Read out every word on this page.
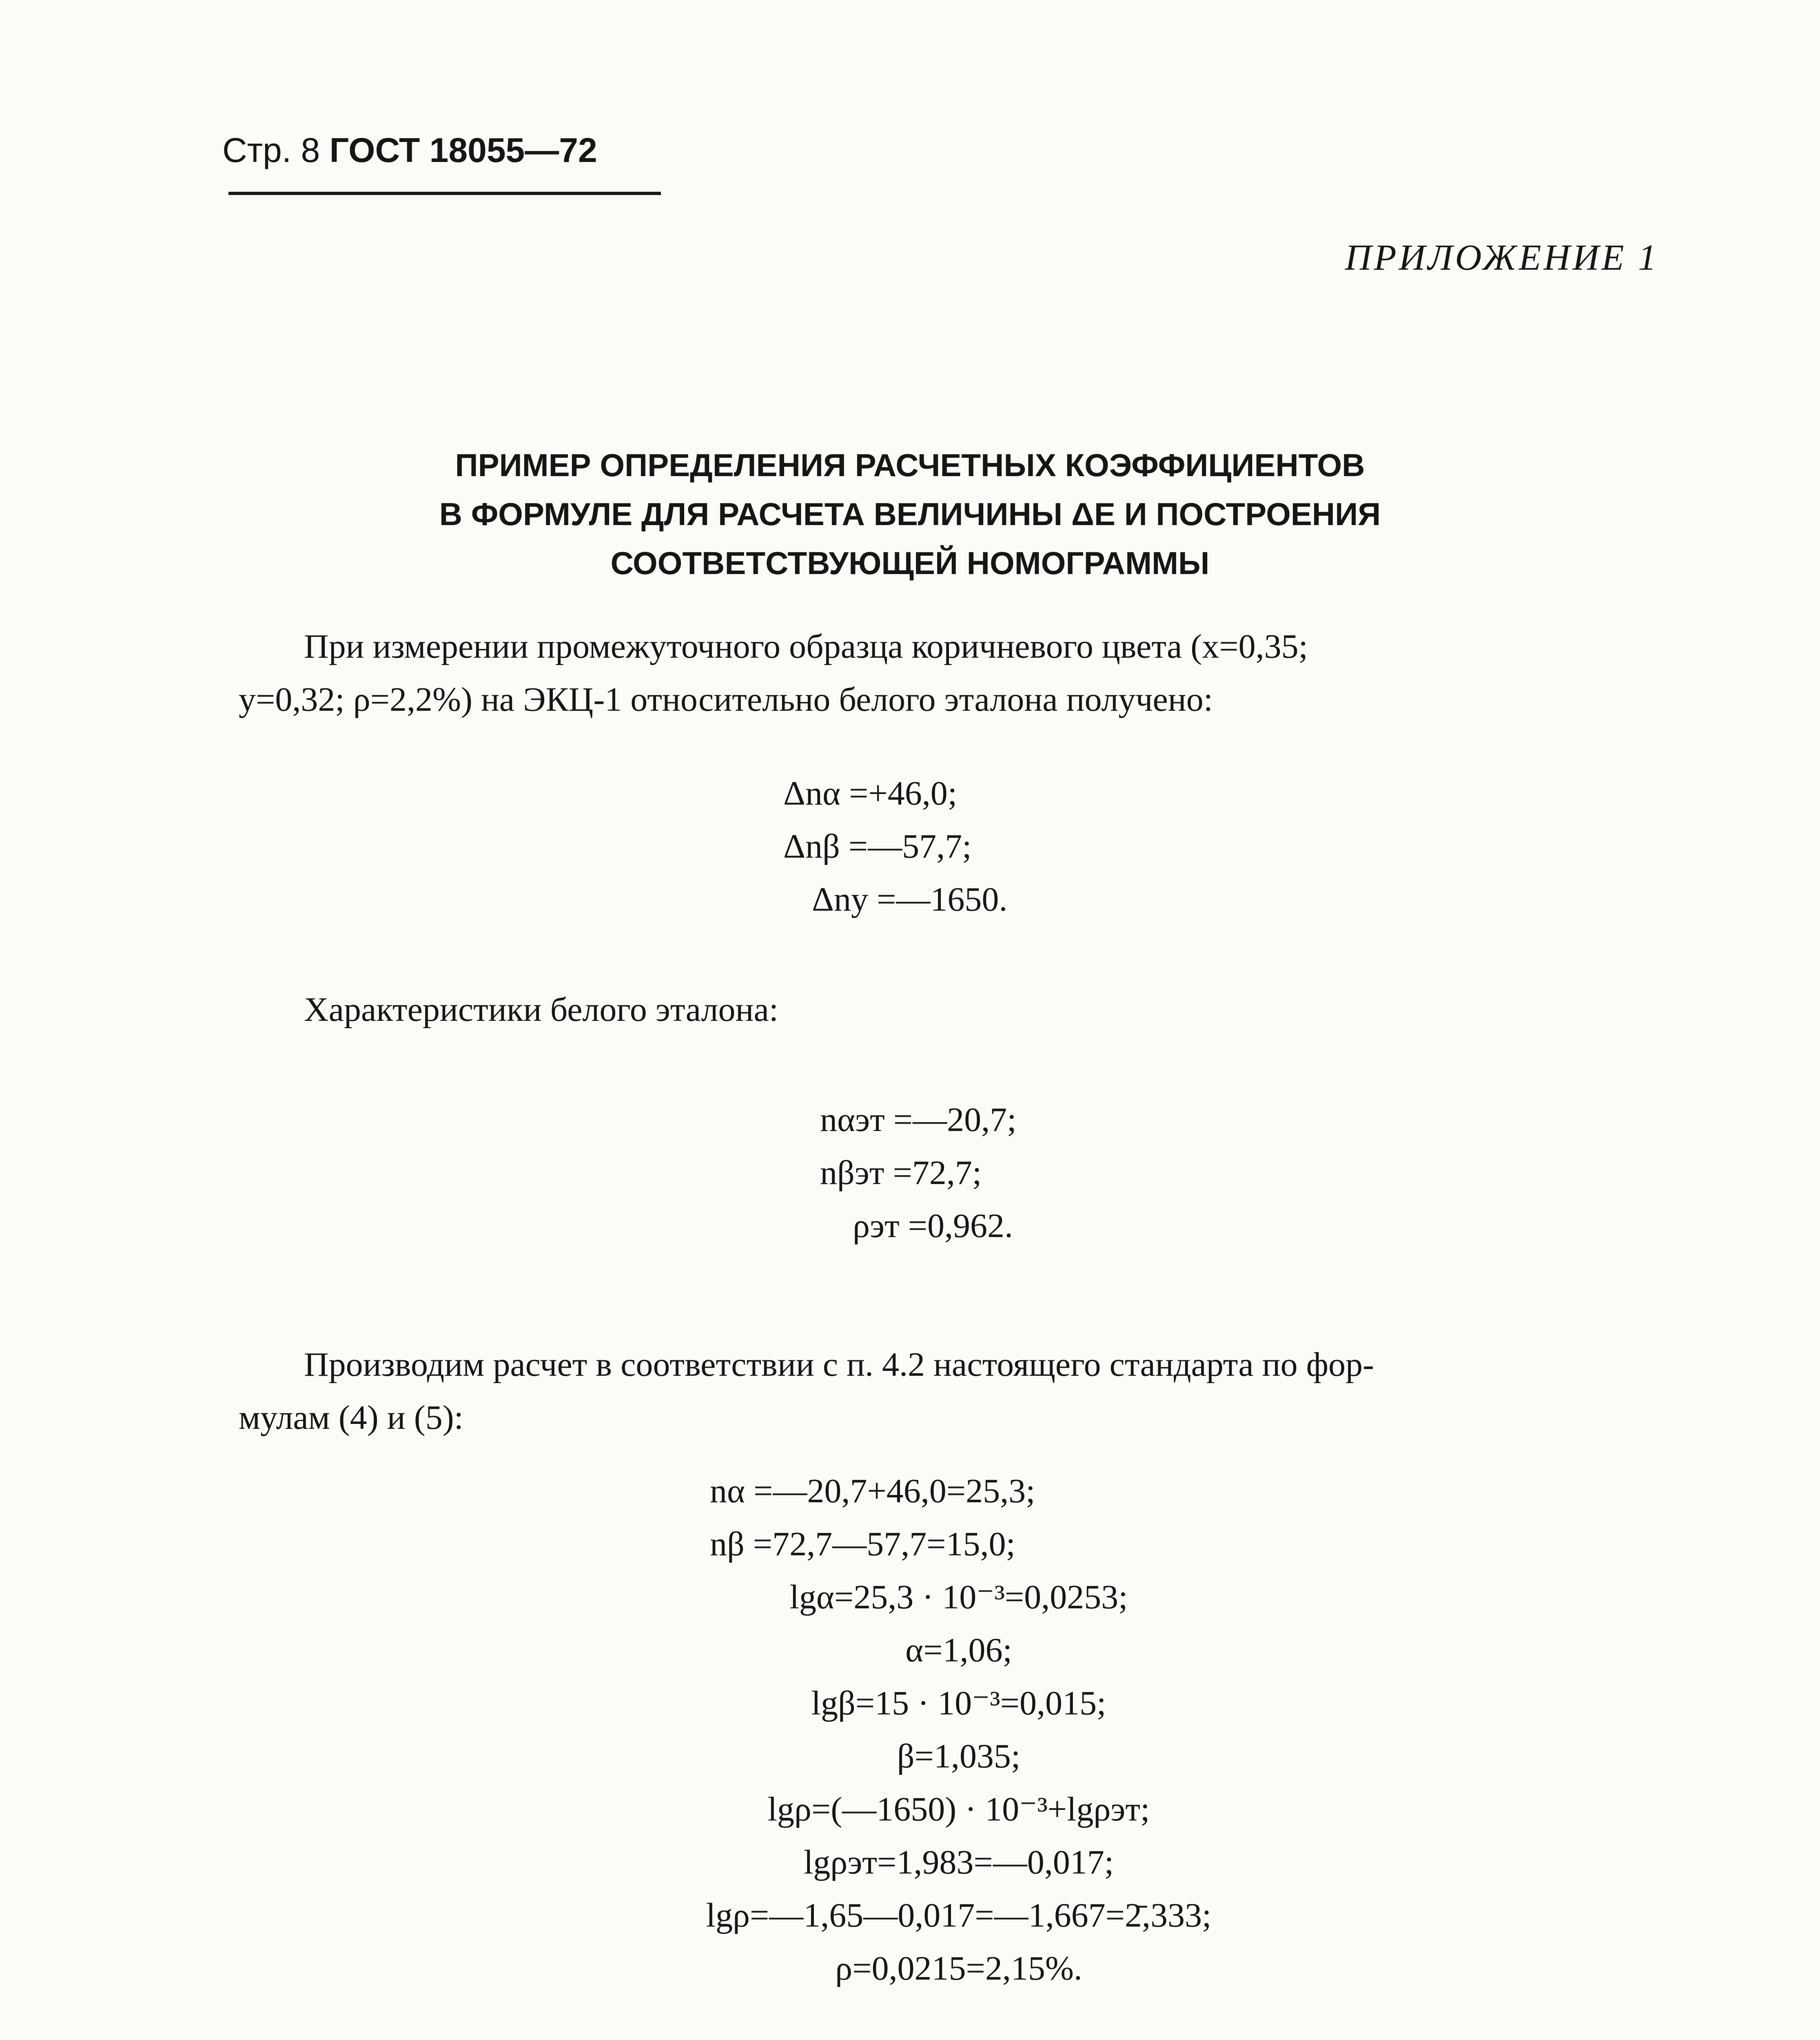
Стр. 8 ГОСТ 18055—72
ПРИЛОЖЕНИЕ 1
ПРИМЕР ОПРЕДЕЛЕНИЯ РАСЧЕТНЫХ КОЭФФИЦИЕНТОВ
В ФОРМУЛЕ ДЛЯ РАСЧЕТА ВЕЛИЧИНЫ ΔE И ПОСТРОЕНИЯ
СООТВЕТСТВУЮЩЕЙ НОМОГРАММЫ
При измерении промежуточного образца коричневого цвета (x=0,35;
y=0,32; ρ=2,2%) на ЭКЦ-1 относительно белого эталона получено:
Δnα =+46,0;
Δnβ =—57,7;
Δnу =—1650.
Характеристики белого эталона:
nαэт =—20,7;
nβэт =72,7;
ρэт =0,962.
Производим расчет в соответствии с п. 4.2 настоящего стандарта по фор-
мулам (4) и (5):
nα =—20,7+46,0=25,3;
nβ =72,7—57,7=15,0;
lgα=25,3 · 10⁻³=0,0253;
α=1,06;
lgβ=15 · 10⁻³=0,015;
β=1,035;
lgρ=(—1650) · 10⁻³+lgρэт;
lgρэт=1,983=—0,017;
lgρ=—1,65—0,017=—1,667=2̄,333;
ρ=0,0215=2,15%.
